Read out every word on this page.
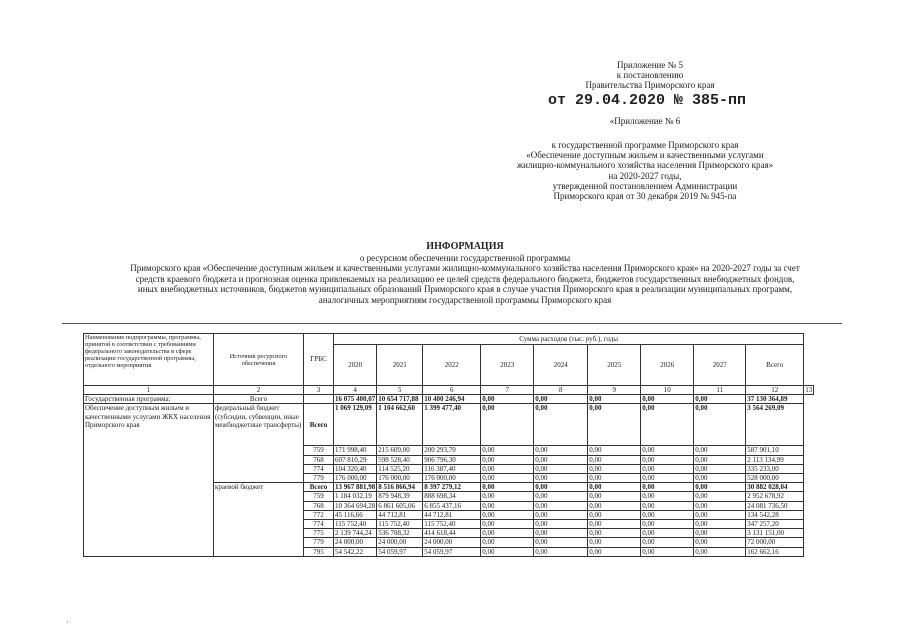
Приложение № 5
к постановлению
Правительства Приморского края
от 29.04.2020 № 385-пп
«Приложение № 6
к государственной программе Приморского края
«Обеспечение доступным жильем и качественными услугами
жилищно-коммунального хозяйства населения Приморского края»
на 2020-2027 годы,
утвержденной постановлением Администрации
Приморского края от 30 декабря 2019 № 945-па
ИНФОРМАЦИЯ
о ресурсном обеспечении государственной программы
Приморского края «Обеспечение доступным жильем и качественными услугами жилищно-коммунального хозяйства населения Приморского края» на 2020-2027 годы за счет
средств краевого бюджета и прогнозная оценка привлекаемых на реализацию ее целей средств федерального бюджета, бюджетов государственных внебюджетных фондов,
иных внебюджетных источников, бюджетов муниципальных образований Приморского края в случае участия Приморского края в реализации муниципальных программ,
аналогичных мероприятиям государственной программы Приморского края
Наименование подпрограммы, программы, принятой в соответствии с требованиями федерального законодательства в сфере реализации государственной программы, отдельного мероприятия	Источник ресурсного обеспечения	ГРБС	Сумма расходов (тыс. руб.), годы									
			2020	2021	2022	2023	2024	2025	2026	2027	Всего	
1	2	3	4	5	6	7	8	9	10	11	12	13
Государственная программа:	Всего		16 075 400,07	10 654 717,88	10 400 246,94	0,00	0,00	0,00	0,00	0,00	37 130 364,89	
Обеспечение доступным жильем и качественными услугами ЖКХ населения Приморского края	федеральный бюджет (субсидии, субвенции, иные межбюджетные трансферты)	Всего	1 069 129,09	1 104 662,60	1 399 477,40	0,00	0,00	0,00	0,00	0,00	3 564 269,09	
		759	171 998,40	215 609,00	200 293,70	0,00	0,00	0,00	0,00	0,00	587 901,10	
		768	607 810,29	598 528,40	906 796,30	0,00	0,00	0,00	0,00	0,00	2 113 134,99	
		774	104 320,40	114 525,20	116 387,40	0,00	0,00	0,00	0,00	0,00	335 233,00	
		779	176 000,00	176 000,00	176 000,00	0,00	0,00	0,00	0,00	0,00	528 000,00	
	краевой бюджет	Всего	13 967 881,98	8 516 866,94	8 397 279,12	0,00	0,00	0,00	0,00	0,00	30 882 028,04	
		759	1 184 032,19	879 948,39	888 698,34	0,00	0,00	0,00	0,00	0,00	2 952 678,92	
		768	10 364 694,28	6 861 605,06	6 855 437,16	0,00	0,00	0,00	0,00	0,00	24 081 736,50	
		772	45 116,66	44 712,81	44 712,81	0,00	0,00	0,00	0,00	0,00	134 542,28	
		774	115 752,40	115 752,40	115 752,40	0,00	0,00	0,00	0,00	0,00	347 257,20	
		775	2 139 744,24	536 788,32	414 618,44	0,00	0,00	0,00	0,00	0,00	3 131 151,00	
		779	24 000,00	24 000,00	24 000,00	0,00	0,00	0,00	0,00	0,00	72 000,00	
		795	54 542,22	54 059,97	54 059,97	0,00	0,00	0,00	0,00	0,00	162 662,16	
·
